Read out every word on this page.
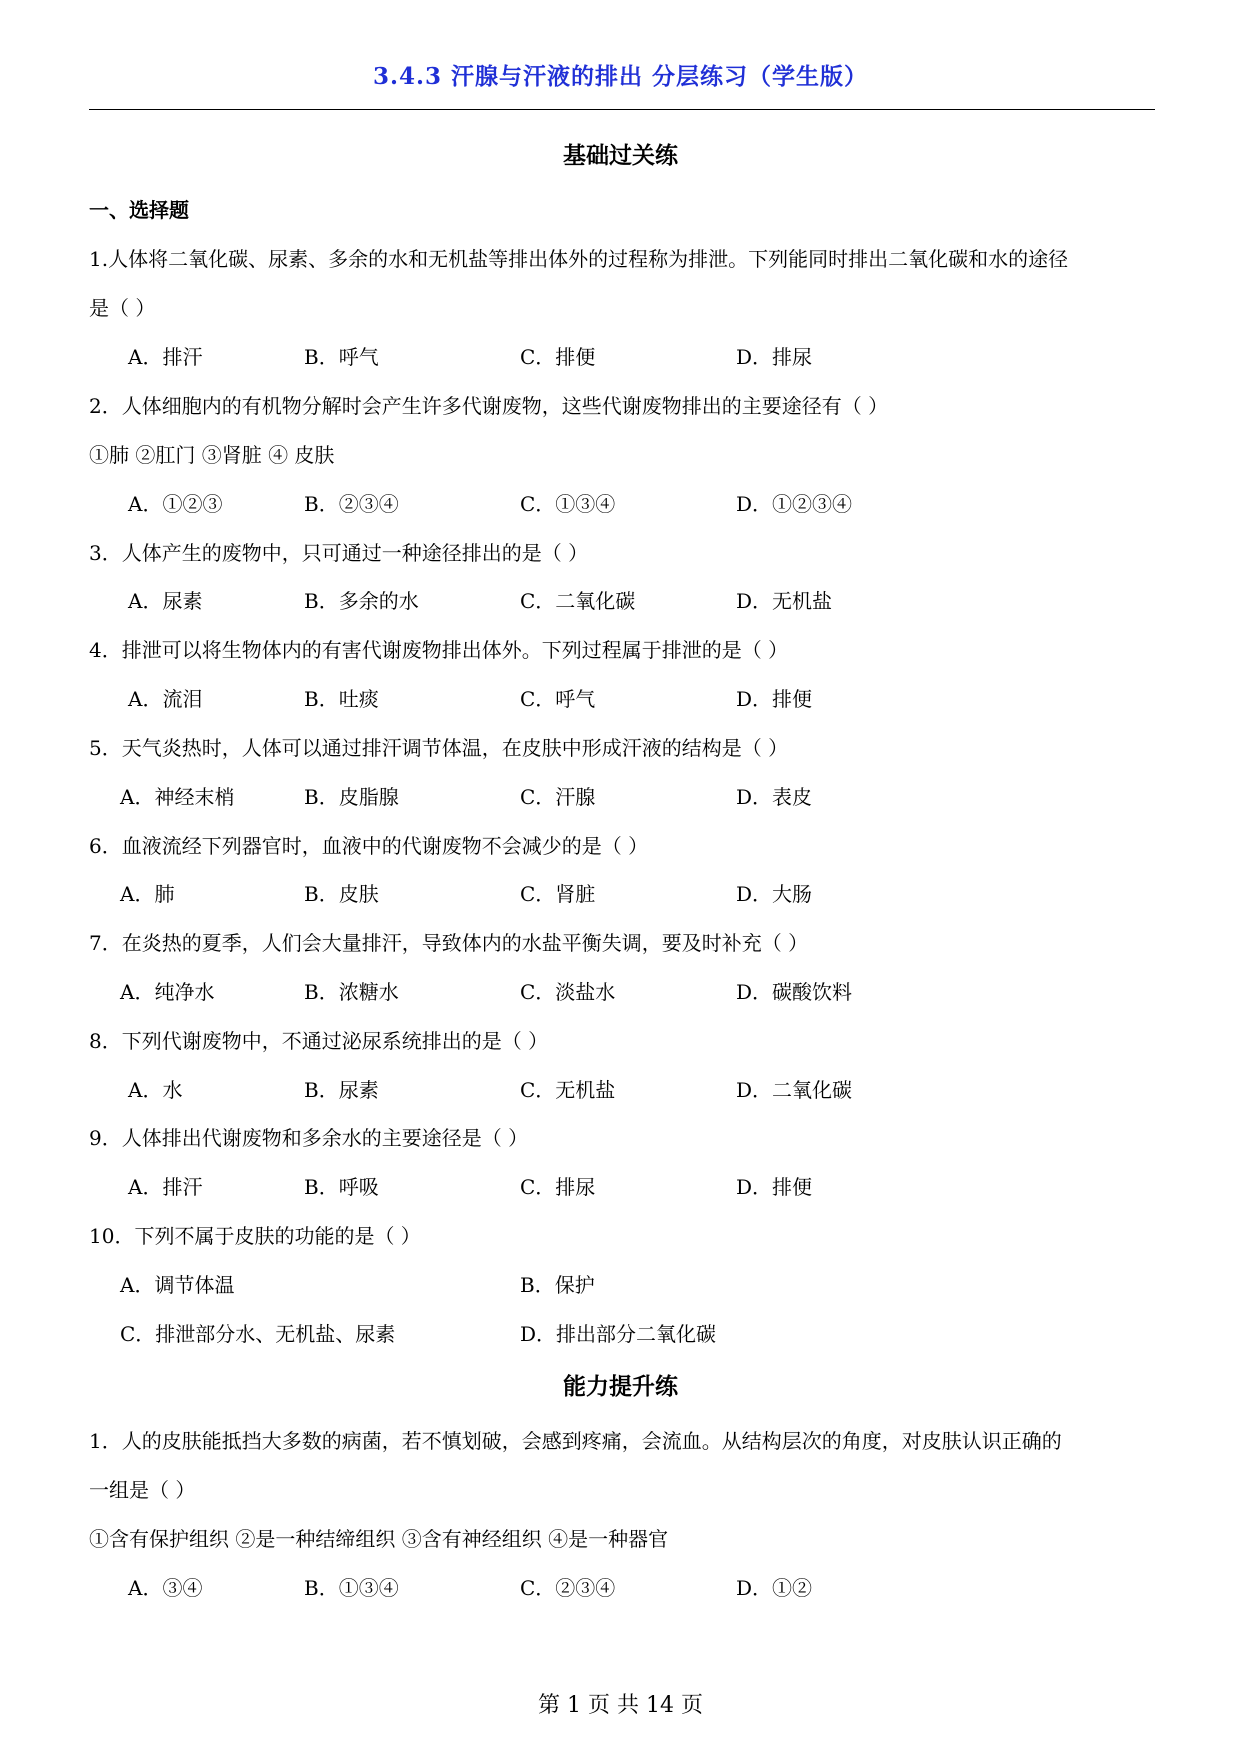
3.4.3 汗腺与汗液的排出 分层练习（学生版）
基础过关练
一、选择题
1.人体将二氧化碳、尿素、多余的水和无机盐等排出体外的过程称为排泄。下列能同时排出二氧化碳和水的途径
是（ ）
A．排汗	B．呼气	C．排便	D．排尿
2．人体细胞内的有机物分解时会产生许多代谢废物，这些代谢废物排出的主要途径有（ ）
①肺 ②肛门 ③肾脏 ④ 皮肤
A．①②③	B．②③④	C．①③④	D．①②③④
3．人体产生的废物中，只可通过一种途径排出的是（ ）
A．尿素	B．多余的水	C．二氧化碳	D．无机盐
4．排泄可以将生物体内的有害代谢废物排出体外。下列过程属于排泄的是（ ）
A．流泪	B．吐痰	C．呼气	D．排便
5．天气炎热时，人体可以通过排汗调节体温，在皮肤中形成汗液的结构是（ ）
A．神经末梢	B．皮脂腺	C．汗腺	D．表皮
6．血液流经下列器官时，血液中的代谢废物不会减少的是（ ）
A．肺	B．皮肤	C．肾脏	D．大肠
7．在炎热的夏季，人们会大量排汗，导致体内的水盐平衡失调，要及时补充（ ）
A．纯净水	B．浓糖水	C．淡盐水	D．碳酸饮料
8．下列代谢废物中，不通过泌尿系统排出的是（ ）
A．水	B．尿素	C．无机盐	D．二氧化碳
9．人体排出代谢废物和多余水的主要途径是（ ）
A．排汗	B．呼吸	C．排尿	D．排便
10．下列不属于皮肤的功能的是（ ）
A．调节体温	B．保护
C．排泄部分水、无机盐、尿素	D．排出部分二氧化碳
能力提升练
1．人的皮肤能抵挡大多数的病菌，若不慎划破，会感到疼痛，会流血。从结构层次的角度，对皮肤认识正确的
一组是（ ）
①含有保护组织 ②是一种结缔组织 ③含有神经组织 ④是一种器官
A．③④	B．①③④	C．②③④	D．①②
第 1 页 共 14 页
